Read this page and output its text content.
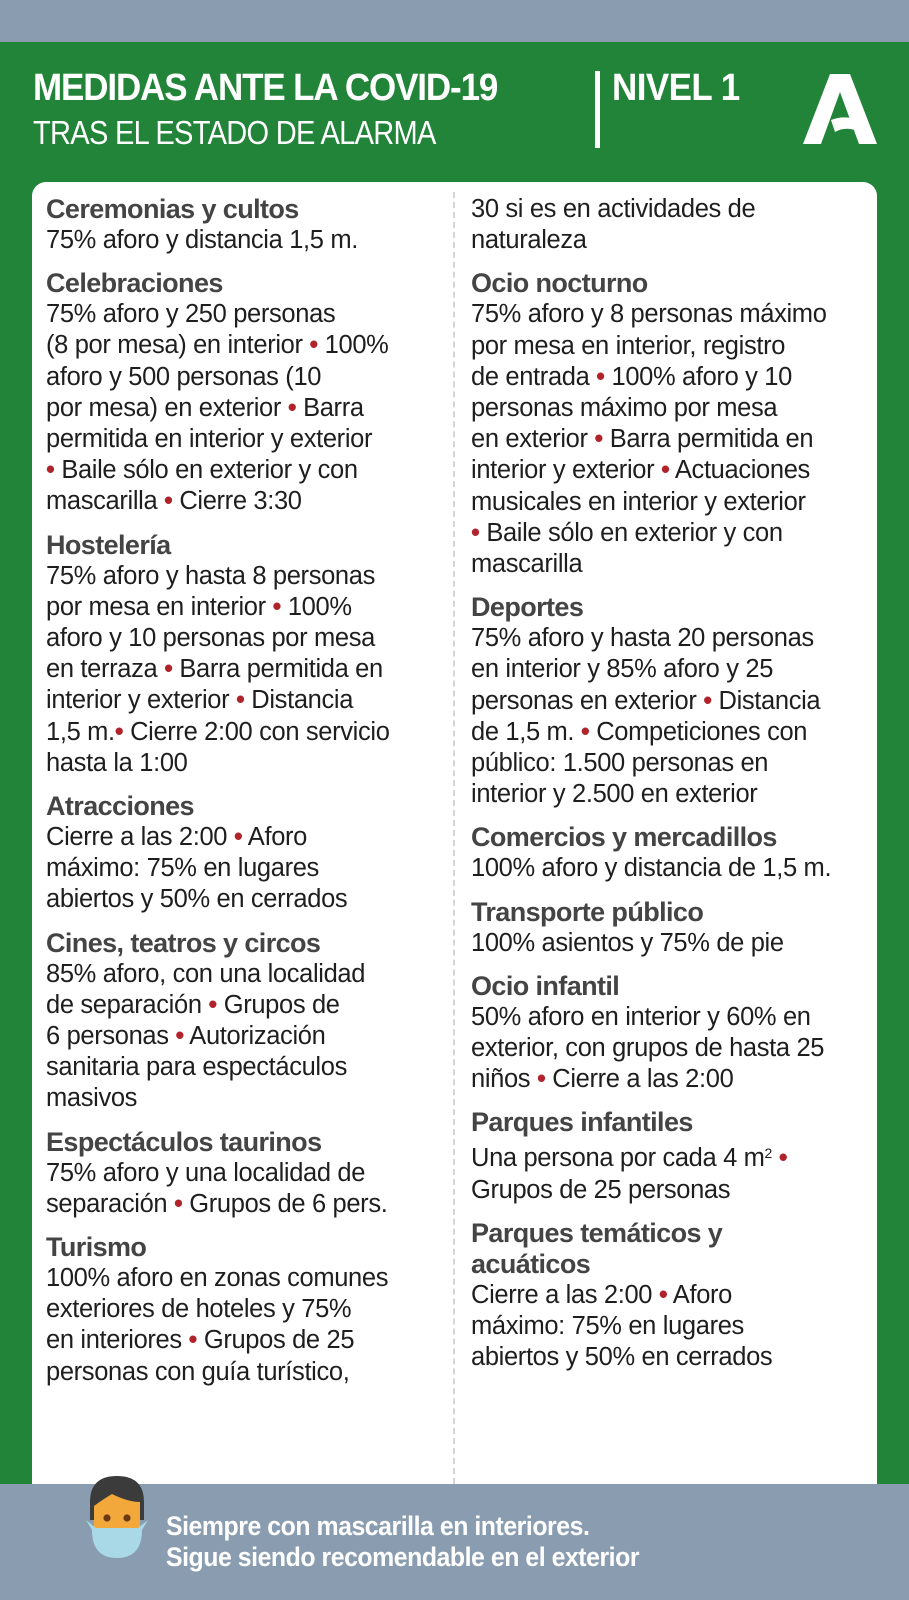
MEDIDAS ANTE LA COVID-19
TRAS EL ESTADO DE ALARMA
NIVEL 1
Ceremonias y cultos
75% aforo y distancia 1,5 m.
Celebraciones
75% aforo y 250 personas
(8 por mesa) en interior • 100%
aforo y 500 personas (10
por mesa) en exterior • Barra
permitida en interior y exterior
• Baile sólo en exterior y con
mascarilla • Cierre 3:30
Hostelería
75% aforo y hasta 8 personas
por mesa en interior • 100%
aforo y 10 personas por mesa
en terraza • Barra permitida en
interior y exterior • Distancia
1,5 m.• Cierre 2:00 con servicio
hasta la 1:00
Atracciones
Cierre a las 2:00 • Aforo
máximo: 75% en lugares
abiertos y 50% en cerrados
Cines, teatros y circos
85% aforo, con una localidad
de separación • Grupos de
6 personas • Autorización
sanitaria para espectáculos
masivos
Espectáculos taurinos
75% aforo y una localidad de
separación • Grupos de 6 pers.
Turismo
100% aforo en zonas comunes
exteriores de hoteles y 75%
en interiores • Grupos de 25
personas con guía turístico,
30 si es en actividades de
naturaleza
Ocio nocturno
75% aforo y 8 personas máximo
por mesa en interior, registro
de entrada • 100% aforo y 10
personas máximo por mesa
en exterior • Barra permitida en
interior y exterior • Actuaciones
musicales en interior y exterior
• Baile sólo en exterior y con
mascarilla
Deportes
75% aforo y hasta 20 personas
en interior y 85% aforo y 25
personas en exterior • Distancia
de 1,5 m. • Competiciones con
público: 1.500 personas en
interior y 2.500 en exterior
Comercios y mercadillos
100% aforo y distancia de 1,5 m.
Transporte público
100% asientos y 75% de pie
Ocio infantil
50% aforo en interior y 60% en
exterior, con grupos de hasta 25
niños • Cierre a las 2:00
Parques infantiles
Una persona por cada 4 $m^2$ •
Grupos de 25 personas
Parques temáticos y
acuáticos
Cierre a las 2:00 • Aforo
máximo: 75% en lugares
abiertos y 50% en cerrados
Siempre con mascarilla en interiores.
Sigue siendo recomendable en el exterior
